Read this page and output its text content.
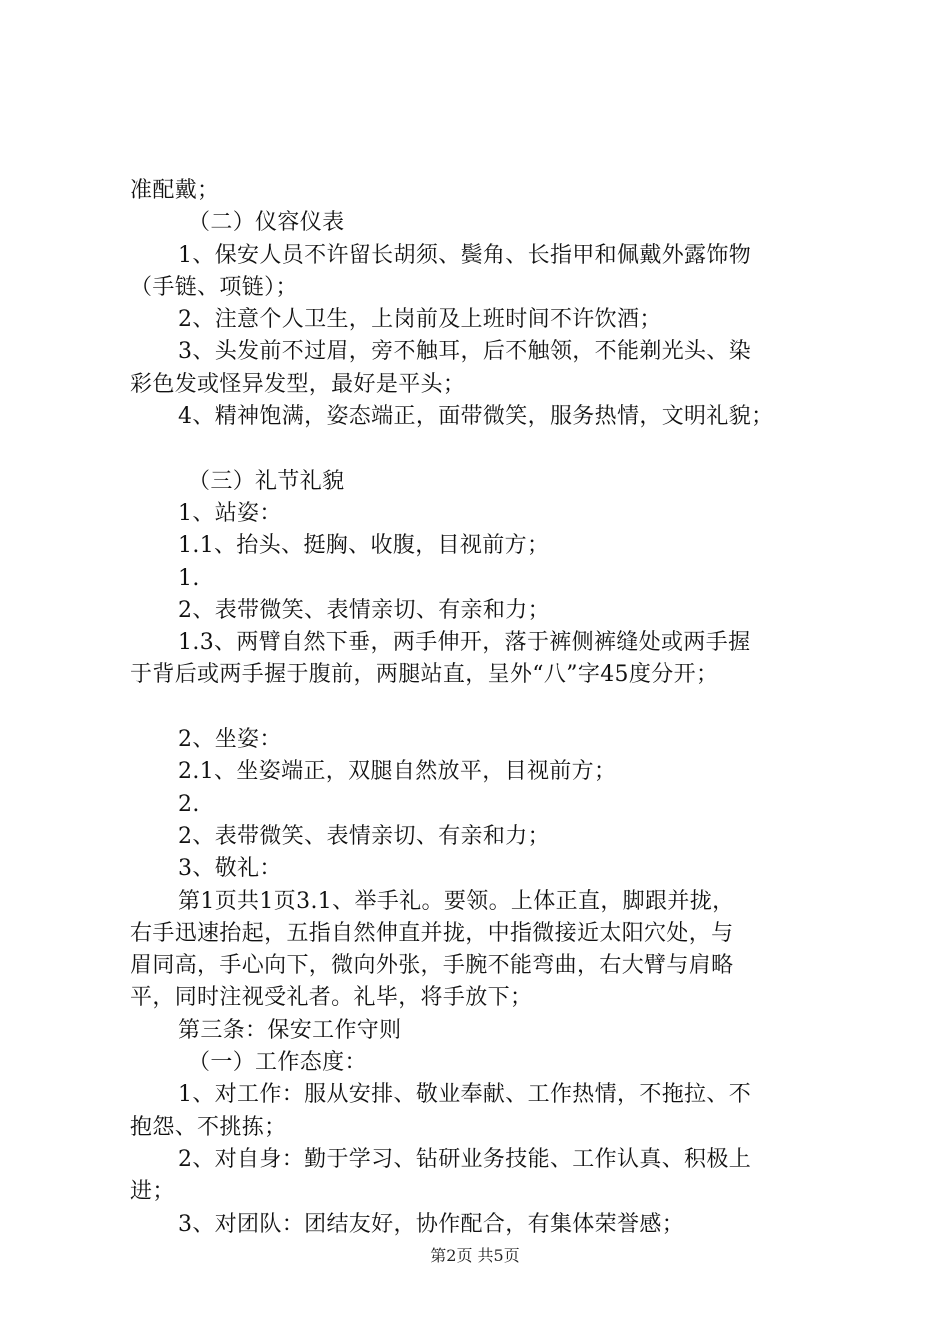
准配戴；
（二）仪容仪表
1、保安人员不许留长胡须、鬓角、长指甲和佩戴外露饰物
（手链、项链）；
2、注意个人卫生，上岗前及上班时间不许饮酒；
3、头发前不过眉，旁不触耳，后不触领，不能剃光头、染
彩色发或怪异发型，最好是平头；
4、精神饱满，姿态端正，面带微笑，服务热情，文明礼貌；
（三）礼节礼貌
1、站姿：
1.1、抬头、挺胸、收腹，目视前方；
1.
2、表带微笑、表情亲切、有亲和力；
1.3、两臂自然下垂，两手伸开，落于裤侧裤缝处或两手握
于背后或两手握于腹前，两腿站直，呈外“八”字45度分开；
2、坐姿：
2.1、坐姿端正，双腿自然放平，目视前方；
2.
2、表带微笑、表情亲切、有亲和力；
3、敬礼：
第1页共1页3.1、举手礼。要领。上体正直，脚跟并拢，
右手迅速抬起，五指自然伸直并拢，中指微接近太阳穴处，与
眉同高，手心向下，微向外张，手腕不能弯曲，右大臂与肩略
平，同时注视受礼者。礼毕，将手放下；
第三条：保安工作守则
（一）工作态度：
1、对工作：服从安排、敬业奉献、工作热情，不拖拉、不
抱怨、不挑拣；
2、对自身：勤于学习、钻研业务技能、工作认真、积极上
进；
3、对团队：团结友好，协作配合，有集体荣誉感；
第2页 共5页
